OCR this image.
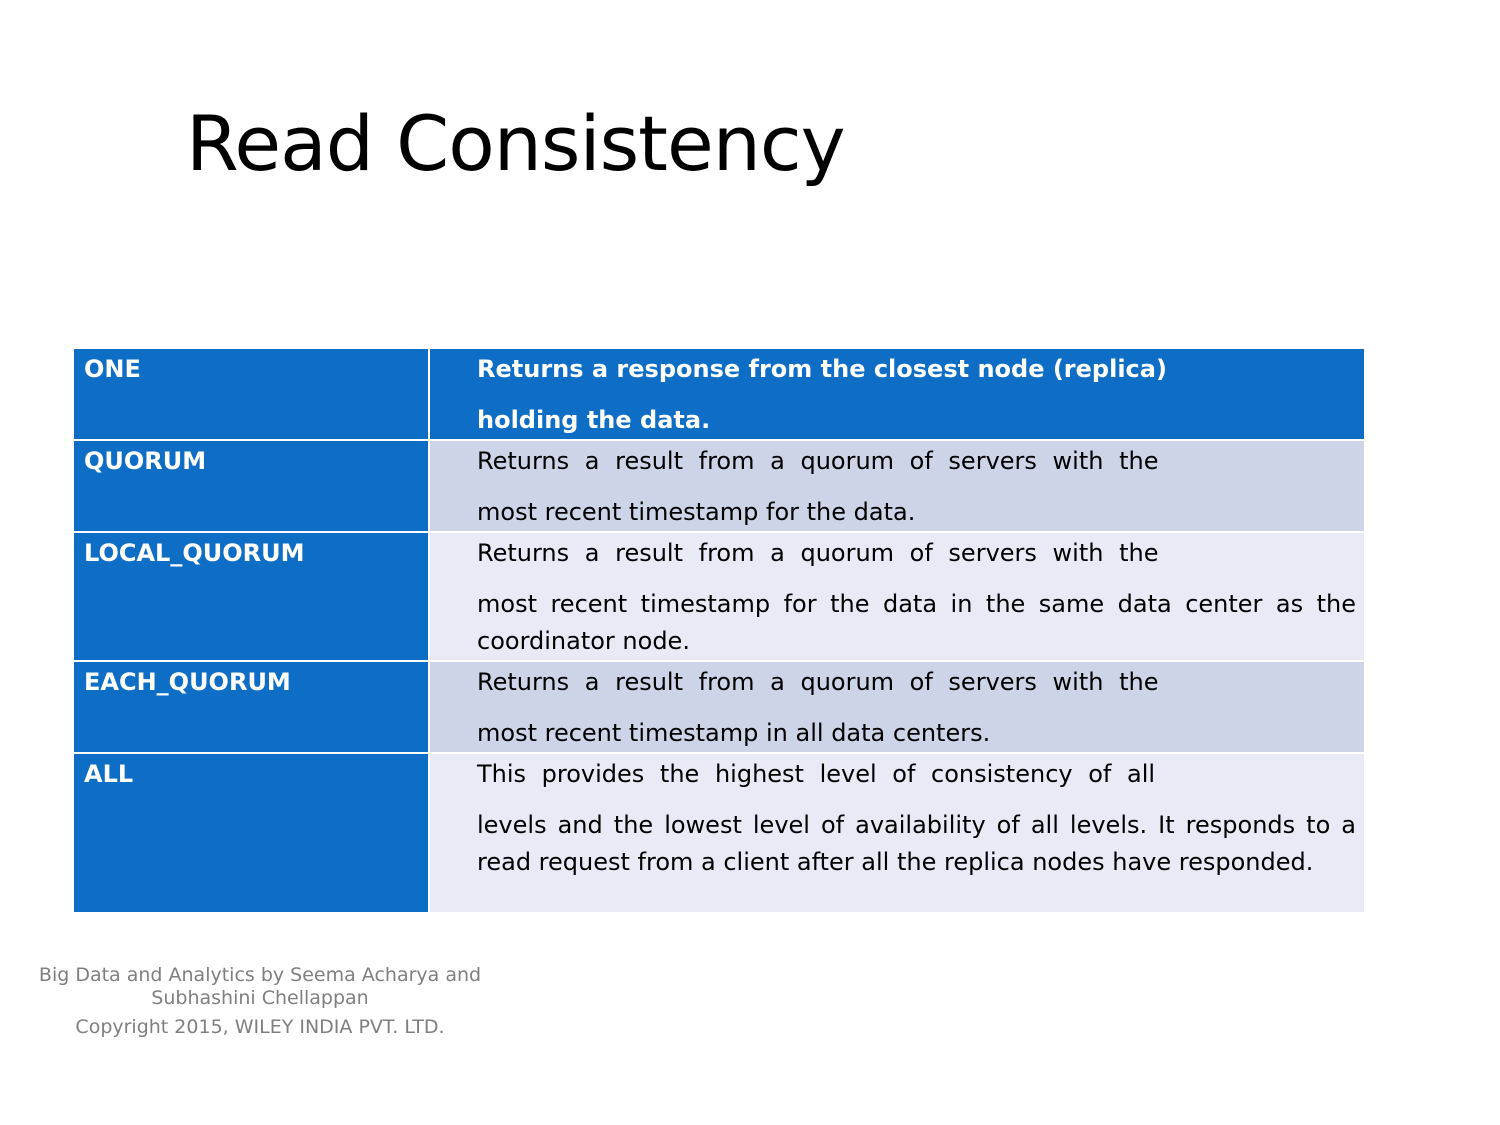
Read Consistency
ONE	Returns a response from the closest node (replica)
holding the data.

QUORUM	Returns a result from a quorum of servers with the
most recent timestamp for the data.

LOCAL_QUORUM	Returns a result from a quorum of servers with the
most recent timestamp for the data in the same data center as the coordinator node.

EACH_QUORUM	Returns a result from a quorum of servers with the
most recent timestamp in all data centers.

ALL	This provides the highest level of consistency of all
levels and the lowest level of availability of all levels. It responds to a read request from a client after all the replica nodes have responded.
Big Data and Analytics by Seema Acharya and Subhashini Chellappan
Copyright 2015, WILEY INDIA PVT. LTD.
